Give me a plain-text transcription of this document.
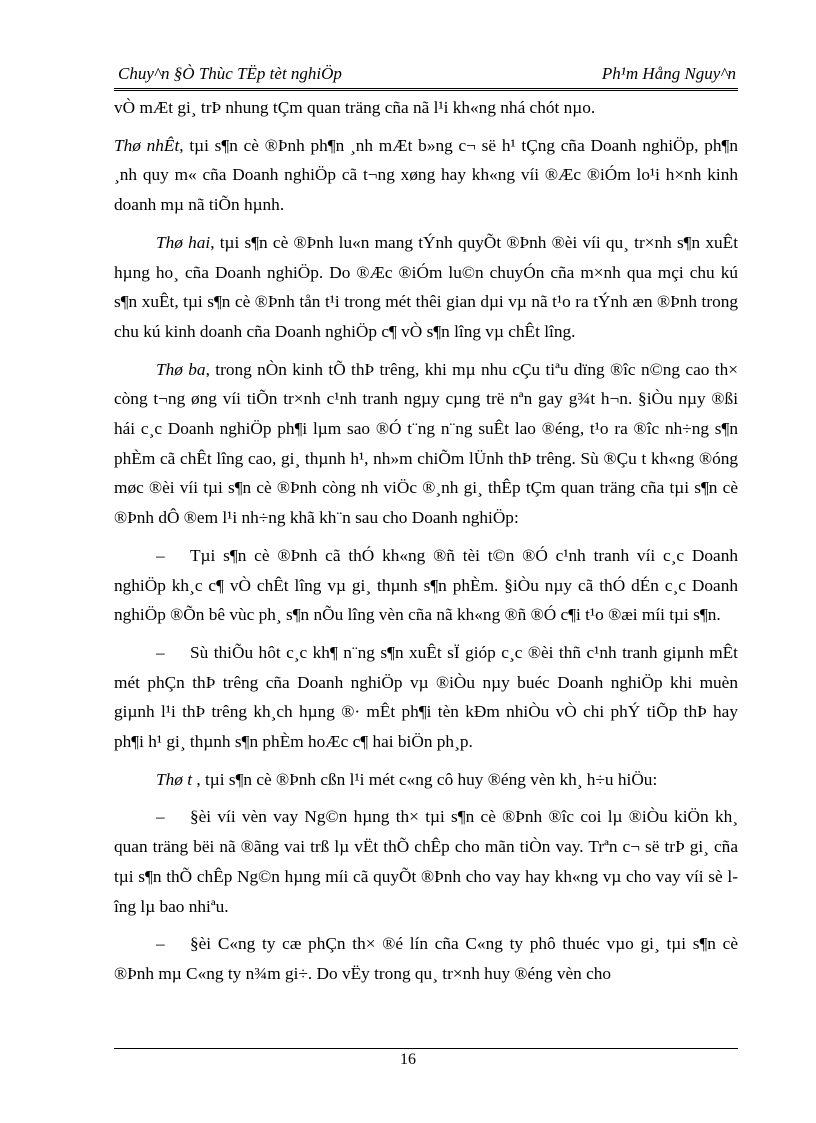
Chuy^n §Ò Thùc TËp tèt nghiÖp	Ph¹m Hång Nguy^n

vÒ mÆt gi¸ trÞ nhung tÇm quan träng cña nã l¹i kh«ng nhá chót nµo.

Thø nhÊt, tµi s¶n cè ®Þnh ph¶n ¸nh mÆt b»ng c¬ së h¹ tÇng cña Doanh nghiÖp, ph¶n ¸nh quy m« cña Doanh nghiÖp cã t¬ng xøng hay kh«ng víi ®Æc ®iÓm lo¹i h×nh kinh doanh mµ nã tiÕn hµnh.

Thø hai, tµi s¶n cè ®Þnh lu«n mang tÝnh quyÕt ®Þnh ®èi víi qu¸ tr×nh s¶n xuÊt hµng ho¸ cña Doanh nghiÖp. Do ®Æc ®iÓm lu©n chuyÓn cña m×nh qua mçi chu kú s¶n xuÊt, tµi s¶n cè ®Þnh tån t¹i trong mét thêi gian dµi vµ nã t¹o ra tÝnh æn ®Þnh trong chu kú kinh doanh cña Doanh nghiÖp c¶ vÒ s¶n lîng vµ chÊt lîng.

Thø ba, trong nÒn kinh tÕ thÞ trêng, khi mµ nhu cÇu tiªu dïng ®îc n©ng cao th× còng t¬ng øng víi tiÕn tr×nh c¹nh tranh ngµy cµng trë nªn gay g¾t h¬n. §iÒu nµy ®ßi hái c¸c Doanh nghiÖp ph¶i lµm sao ®Ó t¨ng n¨ng suÊt lao ®éng, t¹o ra ®îc nh÷ng s¶n phÈm cã chÊt lîng cao, gi¸ thµnh h¹, nh»m chiÕm lÜnh thÞ trêng. Sù ®Çu t kh«ng ®óng møc ®èi víi tµi s¶n cè ®Þnh còng nh viÖc ®¸nh gi¸ thÊp tÇm quan träng cña tµi s¶n cè ®Þnh dÔ ®em l¹i nh÷ng khã kh¨n sau cho Doanh nghiÖp:

– Tµi s¶n cè ®Þnh cã thÓ kh«ng ®ñ tèi t©n ®Ó c¹nh tranh víi c¸c Doanh nghiÖp kh¸c c¶ vÒ chÊt lîng vµ gi¸ thµnh s¶n phÈm. §iÒu nµy cã thÓ dÉn c¸c Doanh nghiÖp ®Õn bê vùc ph¸ s¶n nÕu lîng vèn cña nã kh«ng ®ñ ®Ó c¶i t¹o ®æi míi tµi s¶n.

– Sù thiÕu hôt c¸c kh¶ n¨ng s¶n xuÊt sÏ gióp c¸c ®èi thñ c¹nh tranh giµnh mÊt mét phÇn thÞ trêng cña Doanh nghiÖp vµ ®iÒu nµy buéc Doanh nghiÖp khi muèn giµnh l¹i thÞ trêng kh¸ch hµng ®· mÊt ph¶i tèn kÐm nhiÒu vÒ chi phÝ tiÕp thÞ hay ph¶i h¹ gi¸ thµnh s¶n phÈm hoÆc c¶ hai biÖn ph¸p.

Thø t , tµi s¶n cè ®Þnh cßn l¹i mét c«ng cô huy ®éng vèn kh¸ h÷u hiÖu:

– §èi víi vèn vay Ng©n hµng th× tµi s¶n cè ®Þnh ®îc coi lµ ®iÒu kiÖn kh¸ quan träng bëi nã ®ãng vai trß lµ vËt thÕ chÊp cho mãn tiÒn vay. Trªn c¬ së trÞ gi¸ cña tµi s¶n thÕ chÊp Ng©n hµng míi cã quyÕt ®Þnh cho vay hay kh«ng vµ cho vay víi sè lîng lµ bao nhiªu.

– §èi C«ng ty cæ phÇn th× ®é lín cña C«ng ty phô thuéc vµo gi¸ tµi s¶n cè ®Þnh mµ C«ng ty n¾m gi÷. Do vËy trong qu¸ tr×nh huy ®éng vèn cho

16
